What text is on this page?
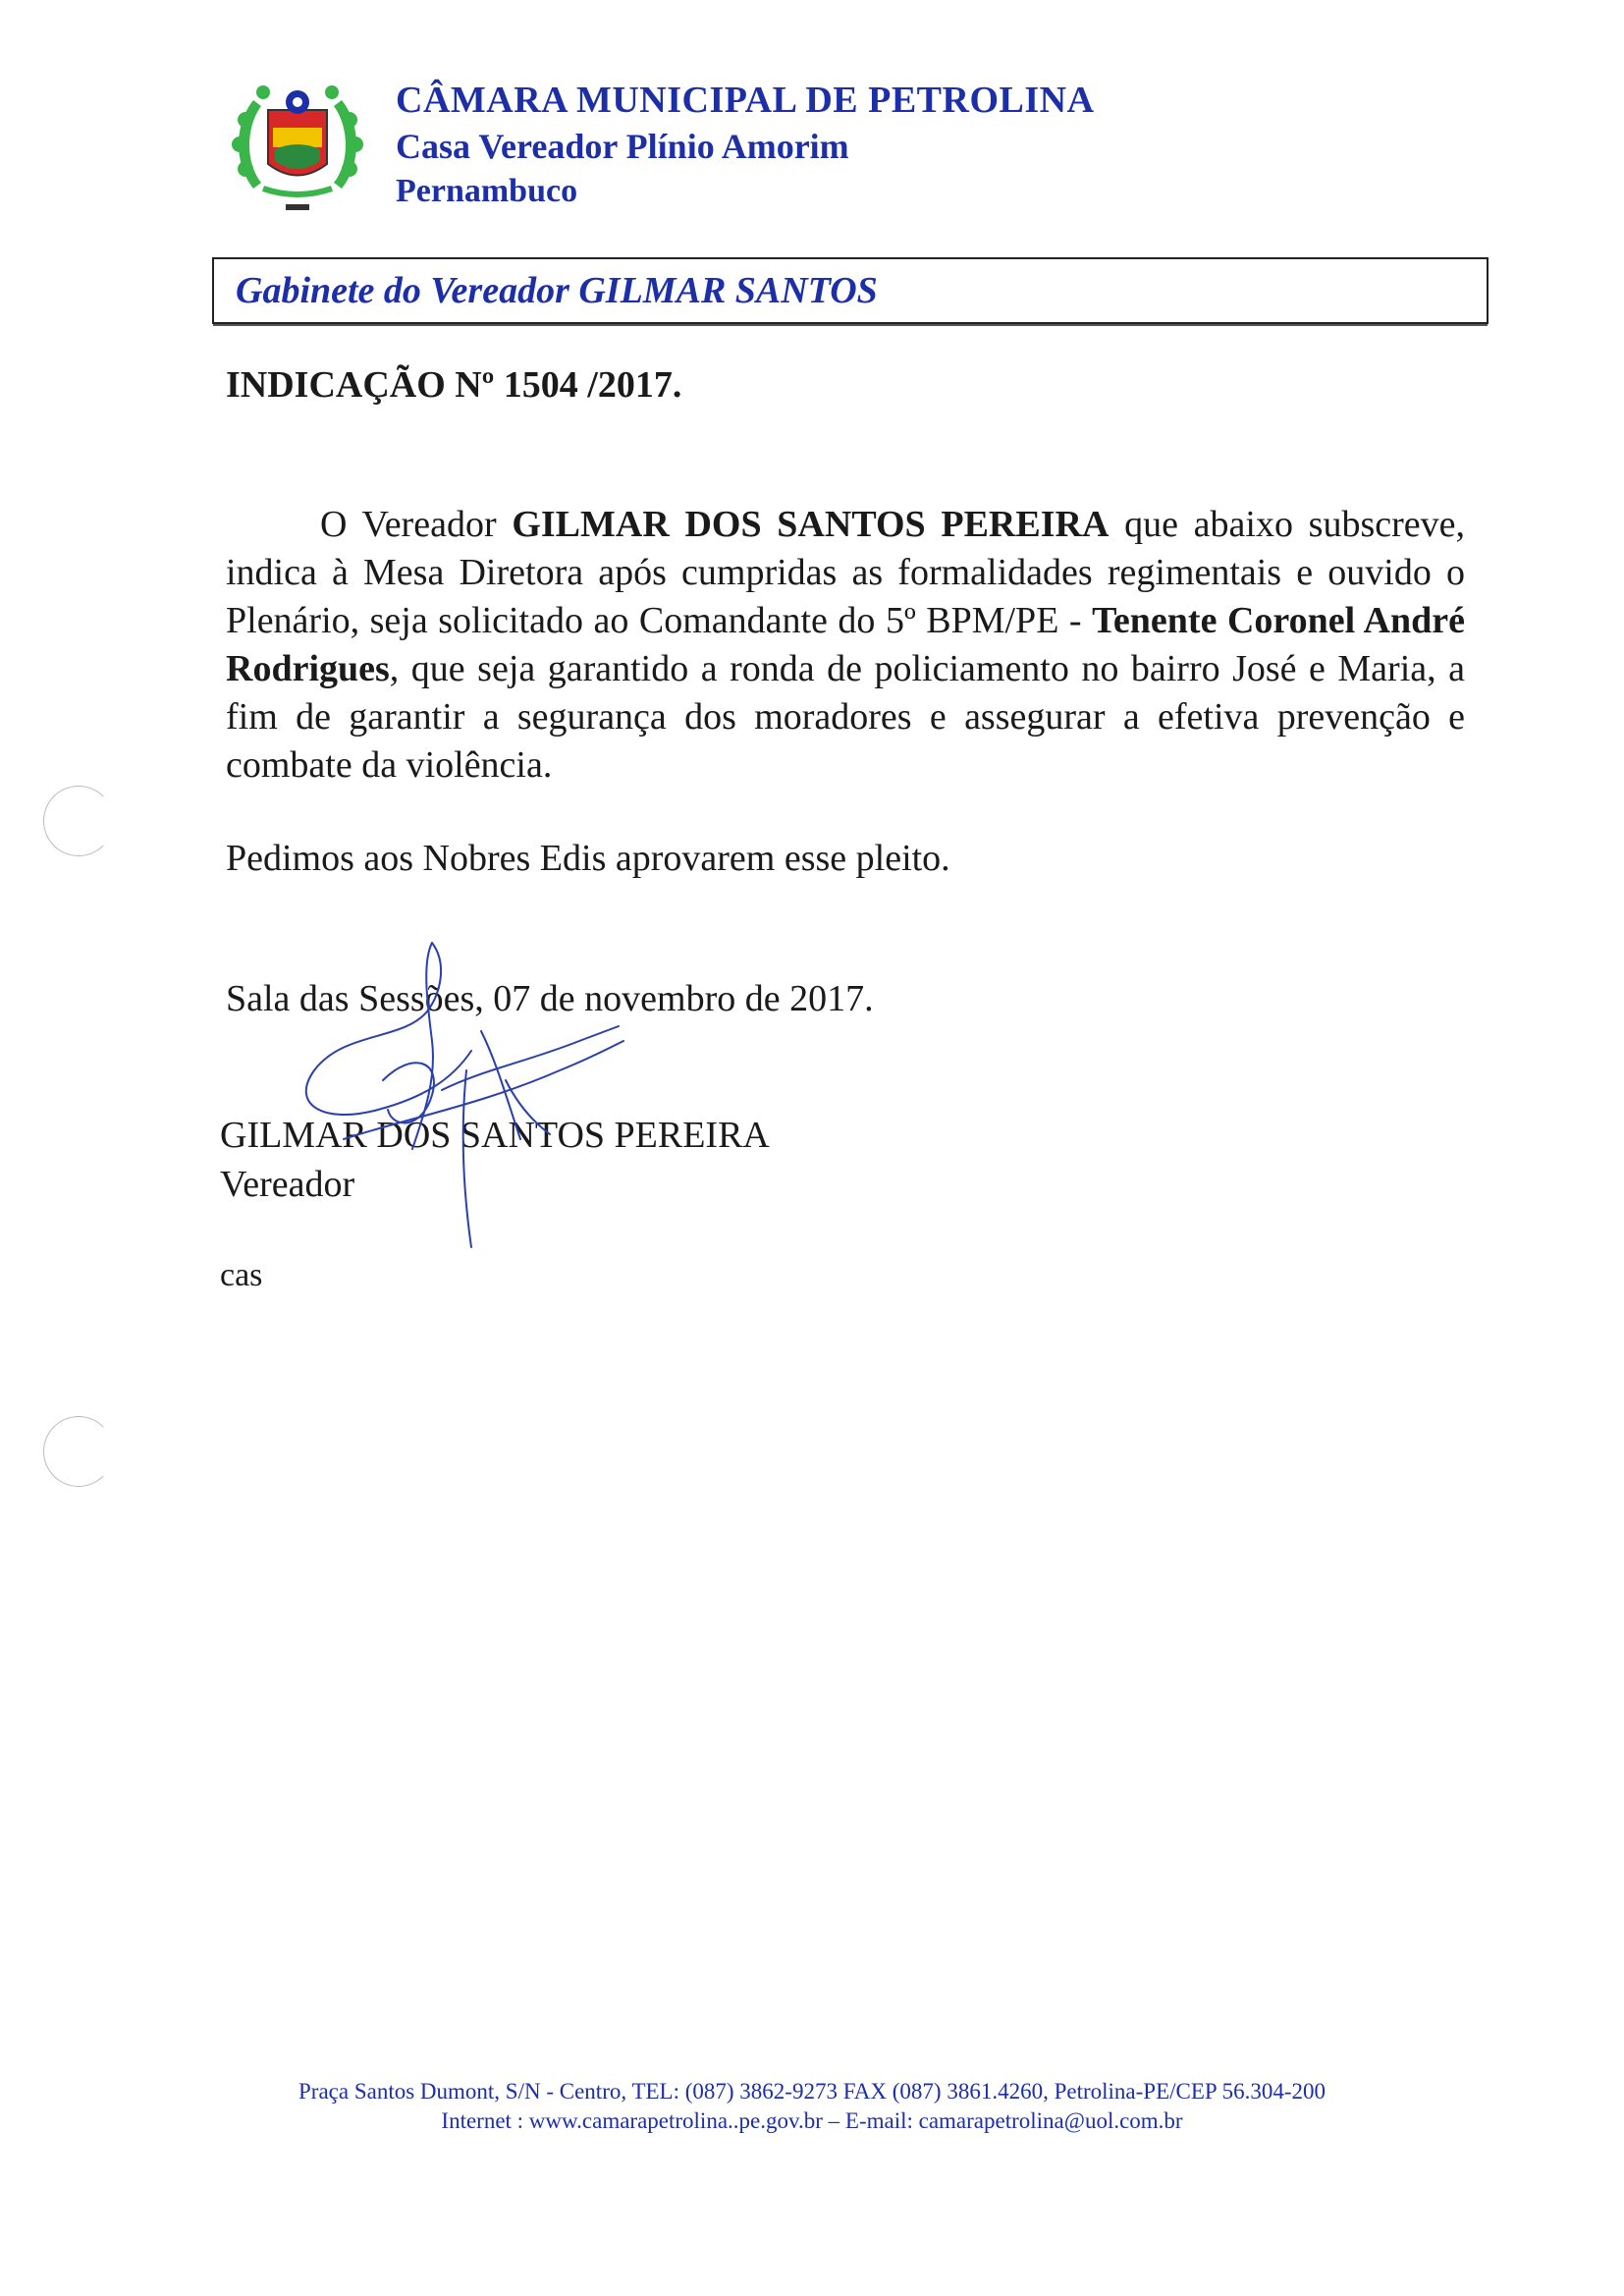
CÂMARA MUNICIPAL DE PETROLINA
Casa Vereador Plínio Amorim
Pernambuco
Gabinete do Vereador GILMAR SANTOS
INDICAÇÃO Nº 1504 /2017.
O Vereador GILMAR DOS SANTOS PEREIRA que abaixo subscreve, indica à Mesa Diretora após cumpridas as formalidades regimentais e ouvido o Plenário, seja solicitado ao Comandante do 5º BPM/PE - Tenente Coronel André Rodrigues, que seja garantido a ronda de policiamento no bairro José e Maria, a fim de garantir a segurança dos moradores e assegurar a efetiva prevenção e combate da violência.
Pedimos aos Nobres Edis aprovarem esse pleito.
Sala das Sessões, 07 de novembro de 2017.
GILMAR DOS SANTOS PEREIRA
Vereador
cas
Praça Santos Dumont, S/N - Centro, TEL: (087) 3862-9273 FAX (087) 3861.4260, Petrolina-PE/CEP 56.304-200
Internet : www.camarapetrolina..pe.gov.br – E-mail: camarapetrolina@uol.com.br
